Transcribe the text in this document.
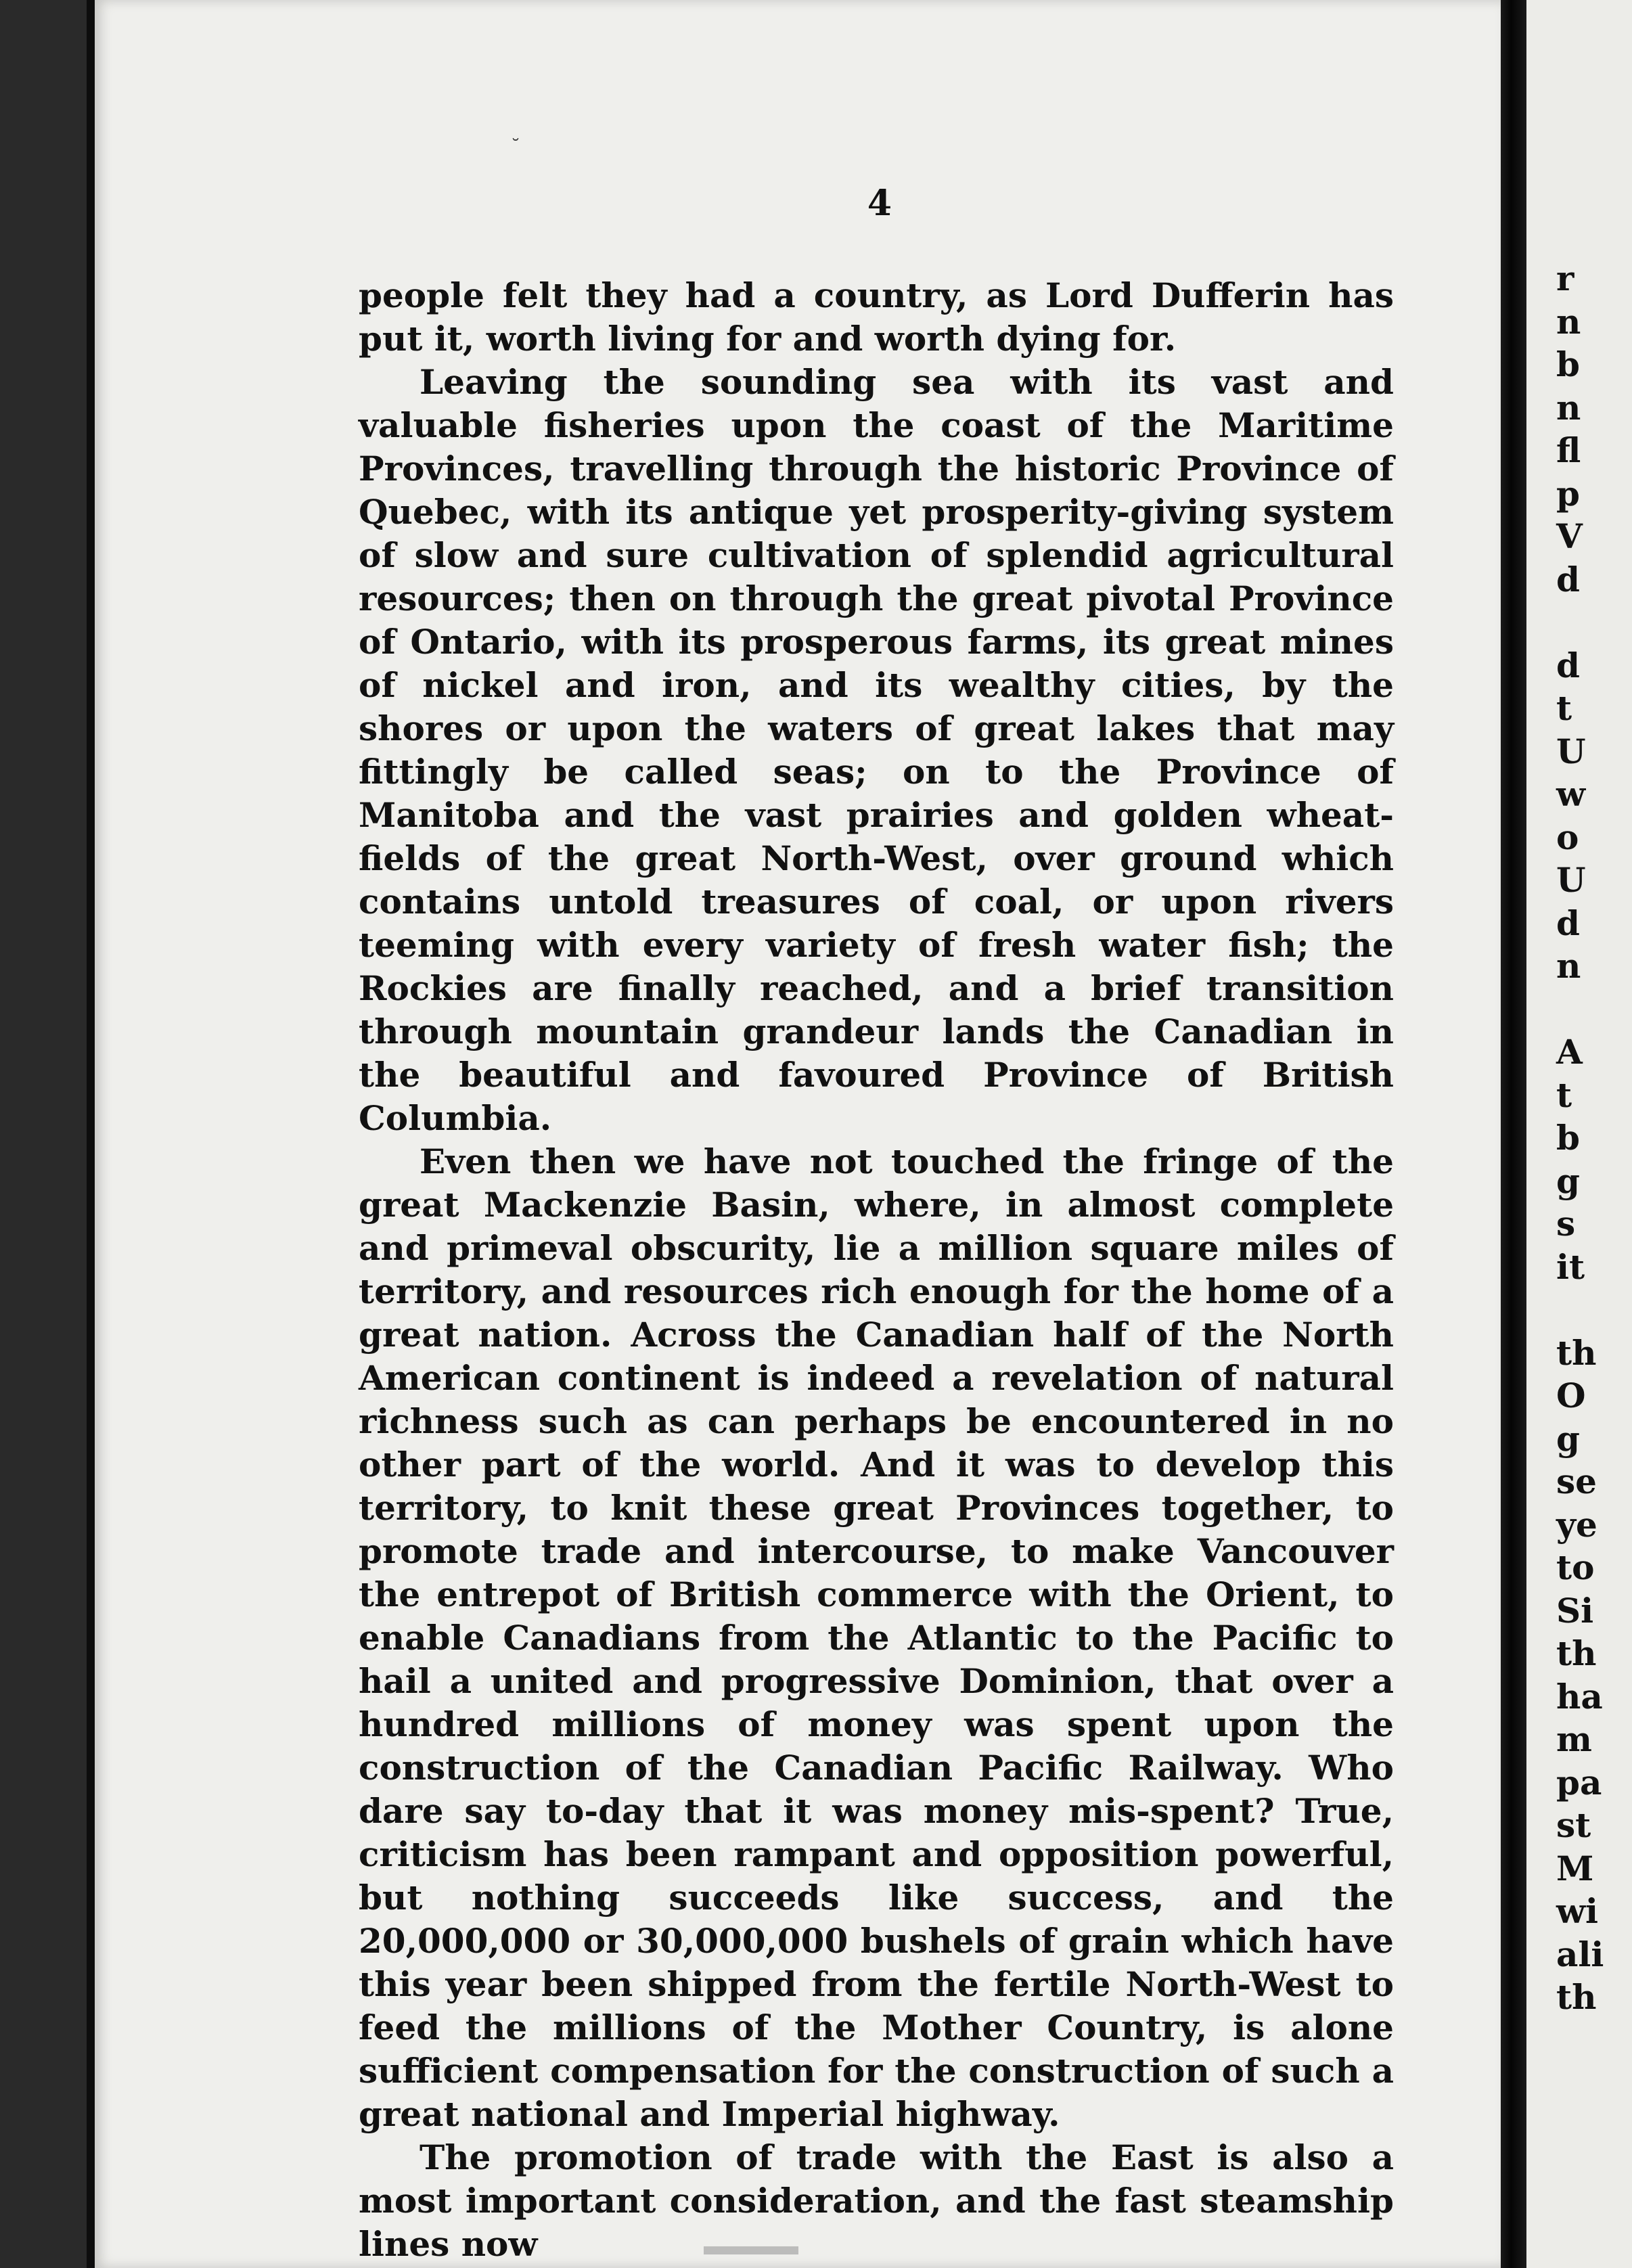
˘
4

people felt they had a country, as Lord Dufferin has put it, worth living for and worth dying for.

Leaving the sounding sea with its vast and valuable fisheries upon the coast of the Maritime Provinces, travelling through the historic Province of Quebec, with its antique yet prosperity-giving system of slow and sure cultivation of splendid agricultural resources; then on through the great pivotal Province of Ontario, with its prosperous farms, its great mines of nickel and iron, and its wealthy cities, by the shores or upon the waters of great lakes that may fittingly be called seas; on to the Province of Manitoba and the vast prairies and golden wheat-fields of the great North-West, over ground which contains untold treasures of coal, or upon rivers teeming with every variety of fresh water fish; the Rockies are finally reached, and a brief transition through mountain grandeur lands the Canadian in the beautiful and favoured Province of British Columbia.

Even then we have not touched the fringe of the great Mackenzie Basin, where, in almost complete and primeval obscurity, lie a million square miles of territory, and resources rich enough for the home of a great nation. Across the Canadian half of the North American continent is indeed a revelation of natural richness such as can perhaps be encountered in no other part of the world. And it was to develop this territory, to knit these great Provinces together, to promote trade and intercourse, to make Vancouver the entrepot of British commerce with the Orient, to enable Canadians from the Atlantic to the Pacific to hail a united and progressive Dominion, that over a hundred millions of money was spent upon the construction of the Canadian Pacific Railway. Who dare say to-day that it was money mis-spent? True, criticism has been rampant and opposition powerful, but nothing succeeds like success, and the 20,000,000 or 30,000,000 bushels of grain which have this year been shipped from the fertile North-West to feed the millions of the Mother Country, is alone sufficient compensation for the construction of such a great national and Imperial highway.

The promotion of trade with the East is also a most important consideration, and the fast steamship lines now

r
n
b
n
fl
p
V
d

d
t
U
w
o
U
d
n

A
t
b
g
s
it

th
O
g
se
ye
to
Si
th
ha
m
pa
st
M
wi
ali
th
